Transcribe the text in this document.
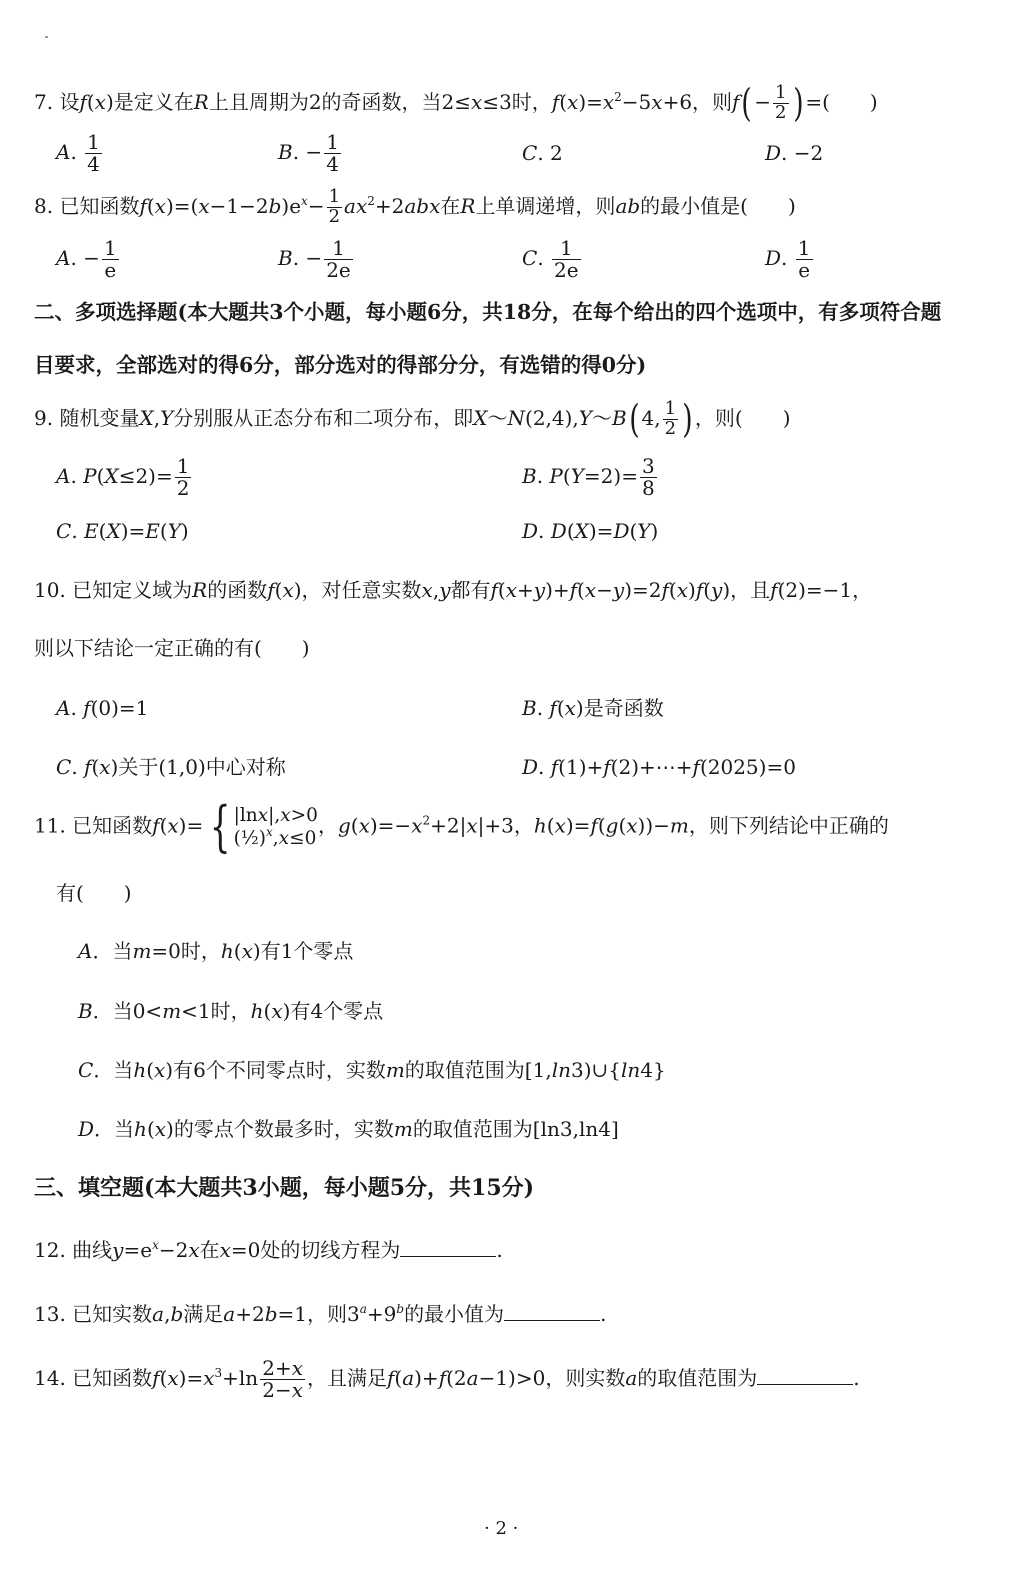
7. 设f(x)是定义在R上且周期为2的奇函数，当2≤x≤3时，$f(x)=x^2-5x+6$，则$f( - \frac{1}{2}$ ) =(　　)
A. $\frac{1}{4}$	B. − $\frac{1}{4}$	C. 2	D. −2
8. 已知函数$f(x)=(x-1-2b)e^x- \frac{1}{2} ax^2+2abx$在R上单调递增，则ab的最小值是(　　)
A. − $\frac{1}{e}$	B. − $\frac{1}{2e}$	C. $\frac{1}{2e}$	D. $\frac{1}{e}$
二、多项选择题(本大题共3个小题，每小题6分，共18分，在每个给出的四个选项中，有多项符合题
目要求，全部选对的得6分，部分选对的得部分分，有选错的得0分)
9. 随机变量X,Y分别服从正态分布和二项分布，即X～N(2,4),Y～B( 4, $\frac{1}{2}$ ) ，则(　　)
A. $P(X\le 2)= \frac{1}{2}$	B. $P(Y=2)= \frac{3}{8}$
C. E(X)=E(Y)	D. D(X)=D(Y)
10. 已知定义域为R的函数f(x)，对任意实数x,y都有f(x+y)+f(x−y)=2f(x)f(y)，且f(2)=−1，
则以下结论一定正确的有(　　)
A. f(0)=1	B. f(x)是奇函数
C. f(x)关于(1,0)中心对称	D. f(1)+f(2)+⋯+f(2025)=0
11. 已知函数f(x)= { |lnx|,x>0
(½)$^x$,x≤0
，$g(x)=-x^2+2|x|+3$，h(x)=f(g(x))−m，则下列结论中正确的
有(　　)
A．当m=0时，h(x)有1个零点
B．当0<m<1时，h(x)有4个零点
C．当h(x)有6个不同零点时，实数m的取值范围为[1,ln3)∪{ln4}
D．当h(x)的零点个数最多时，实数m的取值范围为[ln3,ln4]
三、填空题(本大题共3小题，每小题5分，共15分)
12. 曲线$y=e^x-2x$在x=0处的切线方程为	.
13. 已知实数a,b满足a+2b=1，则$3^a+9^b$的最小值为	.
14. 已知函数$f(x)=x^3+\ln \frac{2+x}{2-x}$ ，且满足f(a)+f(2a−1)>0，则实数a的取值范围为	.
· 2 ·
